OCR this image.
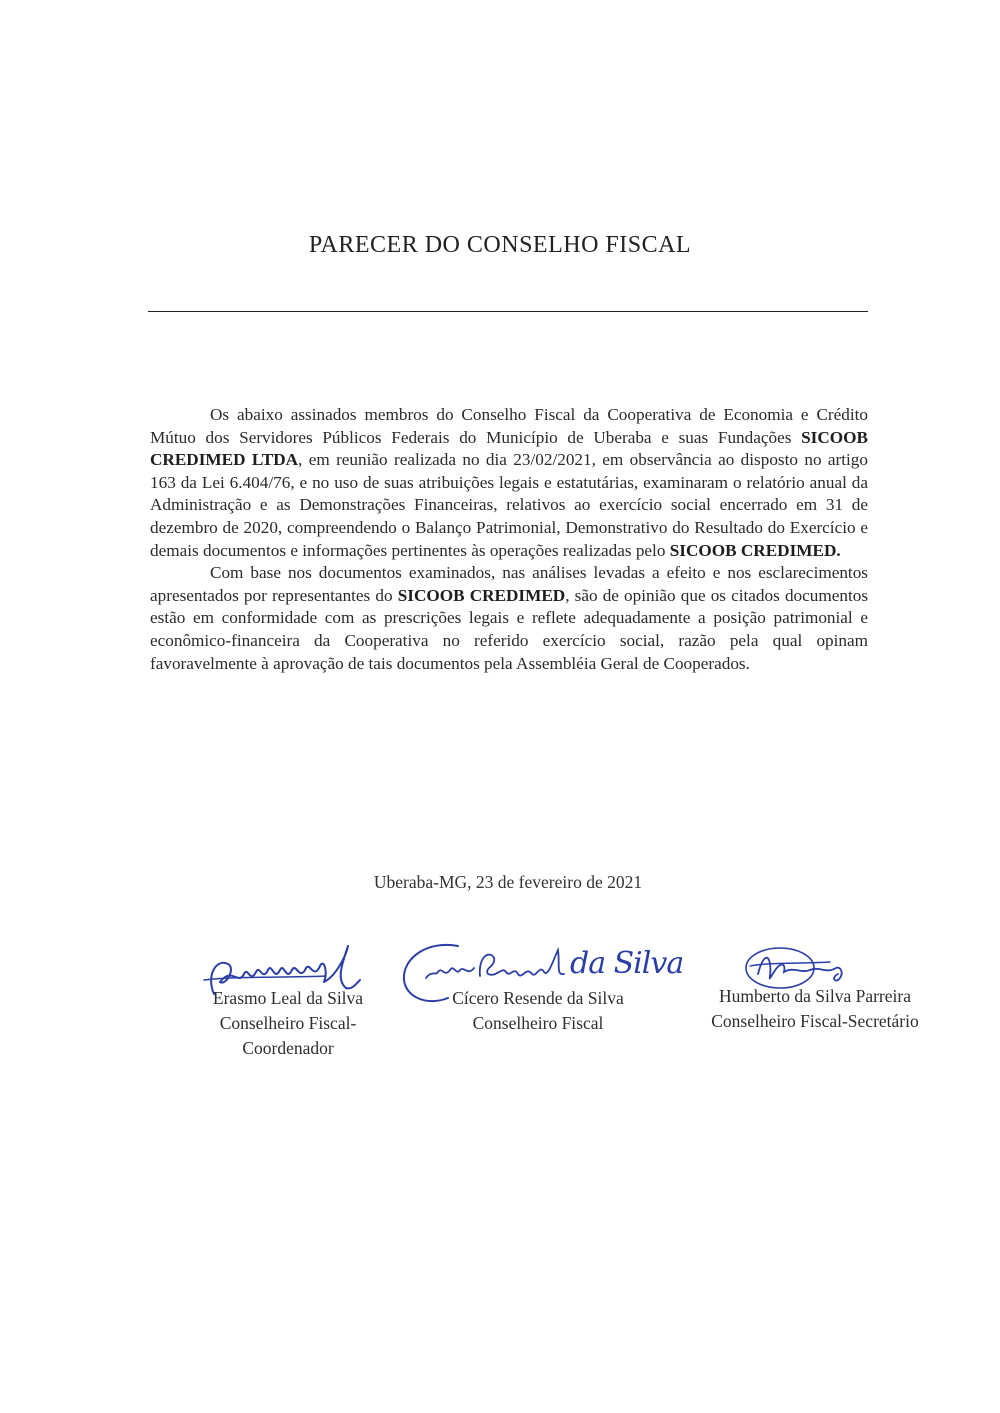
PARECER DO CONSELHO FISCAL

Os abaixo assinados membros do Conselho Fiscal da Cooperativa de Economia e Crédito Mútuo dos Servidores Públicos Federais do Município de Uberaba e suas Fundações SICOOB CREDIMED LTDA, em reunião realizada no dia 23/02/2021, em observância ao disposto no artigo 163 da Lei 6.404/76, e no uso de suas atribuições legais e estatutárias, examinaram o relatório anual da Administração e as Demonstrações Financeiras, relativos ao exercício social encerrado em 31 de dezembro de 2020, compreendendo o Balanço Patrimonial, Demonstrativo do Resultado do Exercício e demais documentos e informações pertinentes às operações realizadas pelo SICOOB CREDIMED.

Com base nos documentos examinados, nas análises levadas a efeito e nos esclarecimentos apresentados por representantes do SICOOB CREDIMED, são de opinião que os citados documentos estão em conformidade com as prescrições legais e reflete adequadamente a posição patrimonial e econômico-financeira da Cooperativa no referido exercício social, razão pela qual opinam favoravelmente à aprovação de tais documentos pela Assembléia Geral de Cooperados.

Uberaba-MG, 23 de fevereiro de 2021
da Silva
Erasmo Leal da Silva
Conselheiro Fiscal-
Coordenador
Cícero Resende da Silva
Conselheiro Fiscal
Humberto da Silva Parreira
Conselheiro Fiscal-Secretário
